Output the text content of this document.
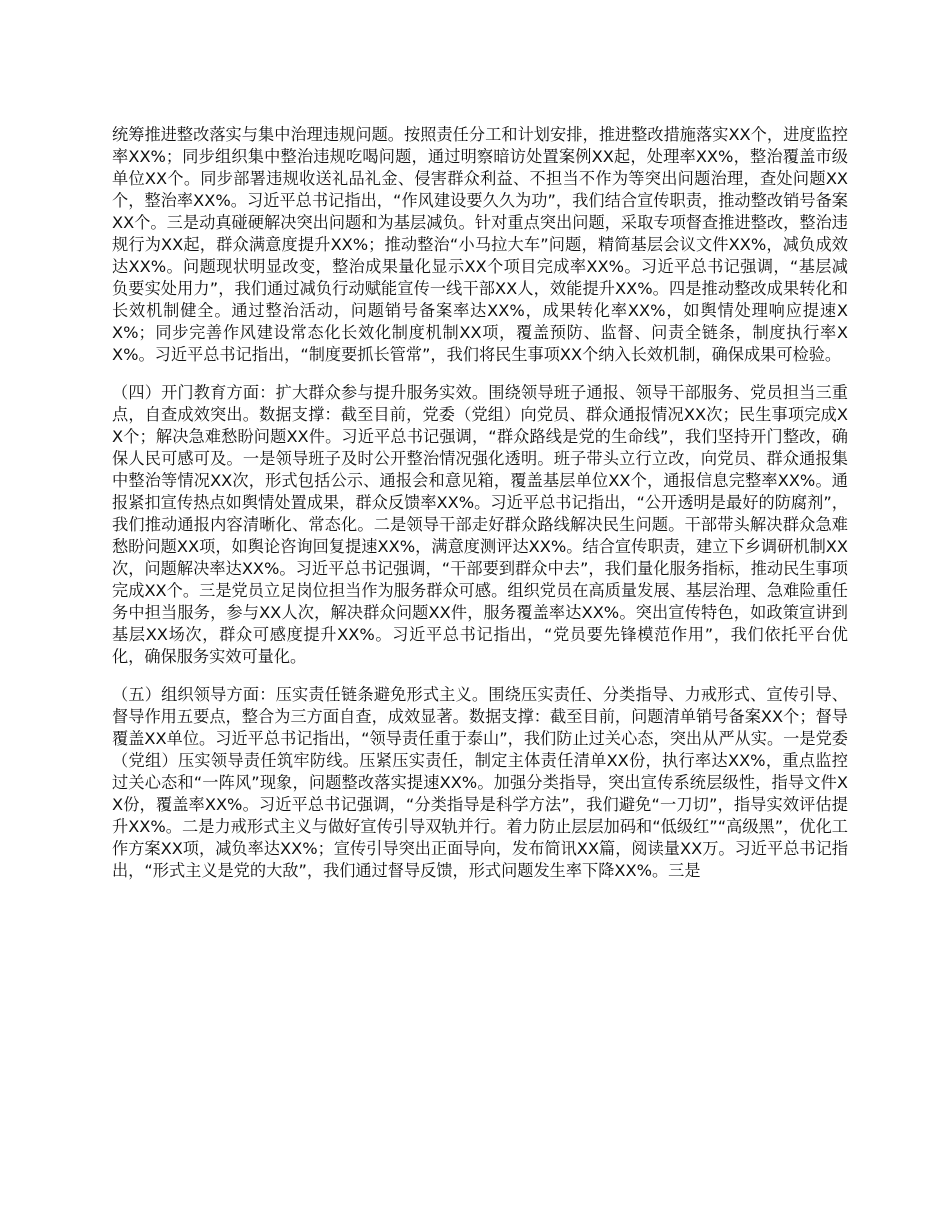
统筹推进整改落实与集中治理违规问题。按照责任分工和计划安排，推进整改措施落实XX个，进度监控率XX%；同步组织集中整治违规吃喝问题，通过明察暗访处置案例XX起，处理率XX%，整治覆盖市级单位XX个。同步部署违规收送礼品礼金、侵害群众利益、不担当不作为等突出问题治理，查处问题XX个，整治率XX%。习近平总书记指出，“作风建设要久久为功”，我们结合宣传职责，推动整改销号备案XX个。三是动真碰硬解决突出问题和为基层减负。针对重点突出问题，采取专项督查推进整改，整治违规行为XX起，群众满意度提升XX%；推动整治“小马拉大车”问题，精简基层会议文件XX%，减负成效达XX%。问题现状明显改变，整治成果量化显示XX个项目完成率XX%。习近平总书记强调，“基层减负要实处用力”，我们通过减负行动赋能宣传一线干部XX人，效能提升XX%。四是推动整改成果转化和长效机制健全。通过整治活动，问题销号备案率达XX%，成果转化率XX%，如舆情处理响应提速XX%；同步完善作风建设常态化长效化制度机制XX项，覆盖预防、监督、问责全链条，制度执行率XX%。习近平总书记指出，“制度要抓长管常”，我们将民生事项XX个纳入长效机制，确保成果可检验。

（四）开门教育方面：扩大群众参与提升服务实效。围绕领导班子通报、领导干部服务、党员担当三重点，自查成效突出。数据支撑：截至目前，党委（党组）向党员、群众通报情况XX次；民生事项完成XX个；解决急难愁盼问题XX件。习近平总书记强调，“群众路线是党的生命线”，我们坚持开门整改，确保人民可感可及。一是领导班子及时公开整治情况强化透明。班子带头立行立改，向党员、群众通报集中整治等情况XX次，形式包括公示、通报会和意见箱，覆盖基层单位XX个，通报信息完整率XX%。通报紧扣宣传热点如舆情处置成果，群众反馈率XX%。习近平总书记指出，“公开透明是最好的防腐剂”，我们推动通报内容清晰化、常态化。二是领导干部走好群众路线解决民生问题。干部带头解决群众急难愁盼问题XX项，如舆论咨询回复提速XX%，满意度测评达XX%。结合宣传职责，建立下乡调研机制XX次，问题解决率达XX%。习近平总书记强调，“干部要到群众中去”，我们量化服务指标，推动民生事项完成XX个。三是党员立足岗位担当作为服务群众可感。组织党员在高质量发展、基层治理、急难险重任务中担当服务，参与XX人次，解决群众问题XX件，服务覆盖率达XX%。突出宣传特色，如政策宣讲到基层XX场次，群众可感度提升XX%。习近平总书记指出，“党员要先锋模范作用”，我们依托平台优化，确保服务实效可量化。

（五）组织领导方面：压实责任链条避免形式主义。围绕压实责任、分类指导、力戒形式、宣传引导、督导作用五要点，整合为三方面自查，成效显著。数据支撑：截至目前，问题清单销号备案XX个；督导覆盖XX单位。习近平总书记指出，“领导责任重于泰山”，我们防止过关心态，突出从严从实。一是党委（党组）压实领导责任筑牢防线。压紧压实责任，制定主体责任清单XX份，执行率达XX%，重点监控过关心态和“一阵风”现象，问题整改落实提速XX%。加强分类指导，突出宣传系统层级性，指导文件XX份，覆盖率XX%。习近平总书记强调，“分类指导是科学方法”，我们避免“一刀切”，指导实效评估提升XX%。二是力戒形式主义与做好宣传引导双轨并行。着力防止层层加码和“低级红”“高级黑”，优化工作方案XX项，减负率达XX%；宣传引导突出正面导向，发布简讯XX篇，阅读量XX万。习近平总书记指出，“形式主义是党的大敌”，我们通过督导反馈，形式问题发生率下降XX%。三是
